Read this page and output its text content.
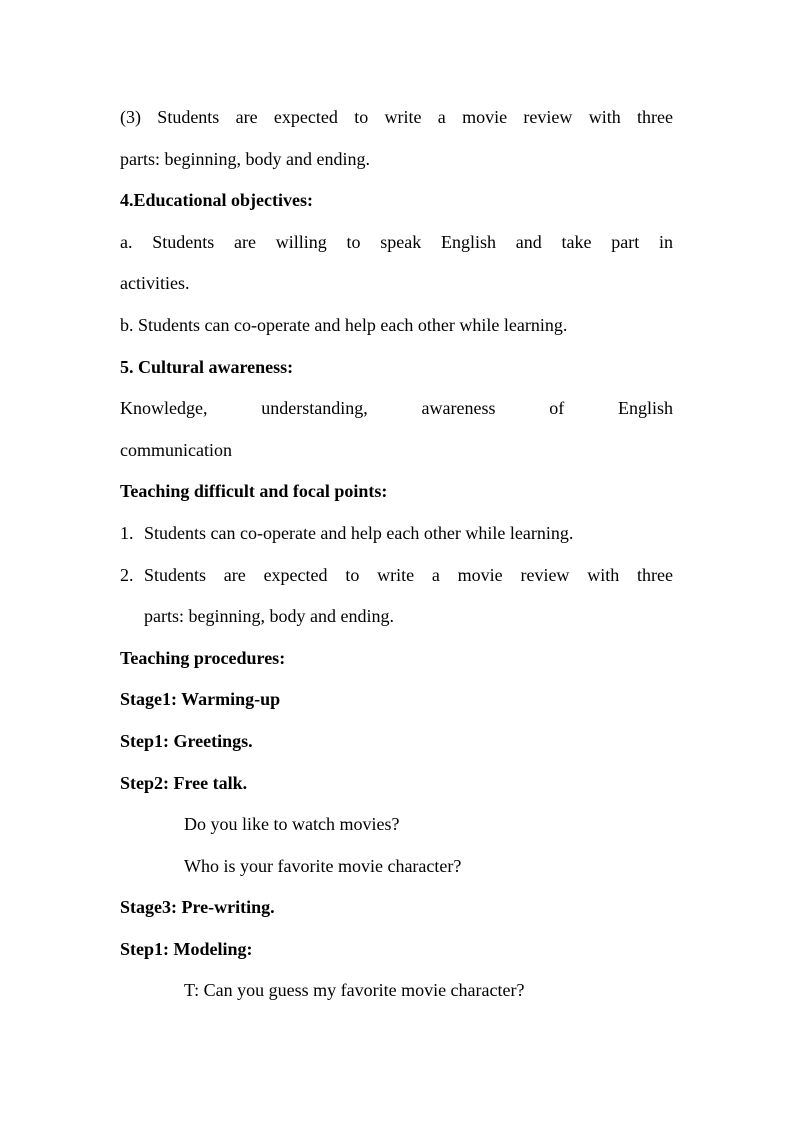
(3) Students are expected to write a movie review with three
parts: beginning, body and ending.
4.Educational objectives:
a. Students are willing to speak English and take part in
activities.
b. Students can co-operate and help each other while learning.
5. Cultural awareness:
Knowledge, understanding, awareness of English
communication
Teaching difficult and focal points:
1. Students can co-operate and help each other while learning.
2. Students are expected to write a movie review with three
parts: beginning, body and ending.
Teaching procedures:
Stage1: Warming-up
Step1: Greetings.
Step2: Free talk.
Do you like to watch movies?
Who is your favorite movie character?
Stage3: Pre-writing.
Step1: Modeling:
T: Can you guess my favorite movie character?
